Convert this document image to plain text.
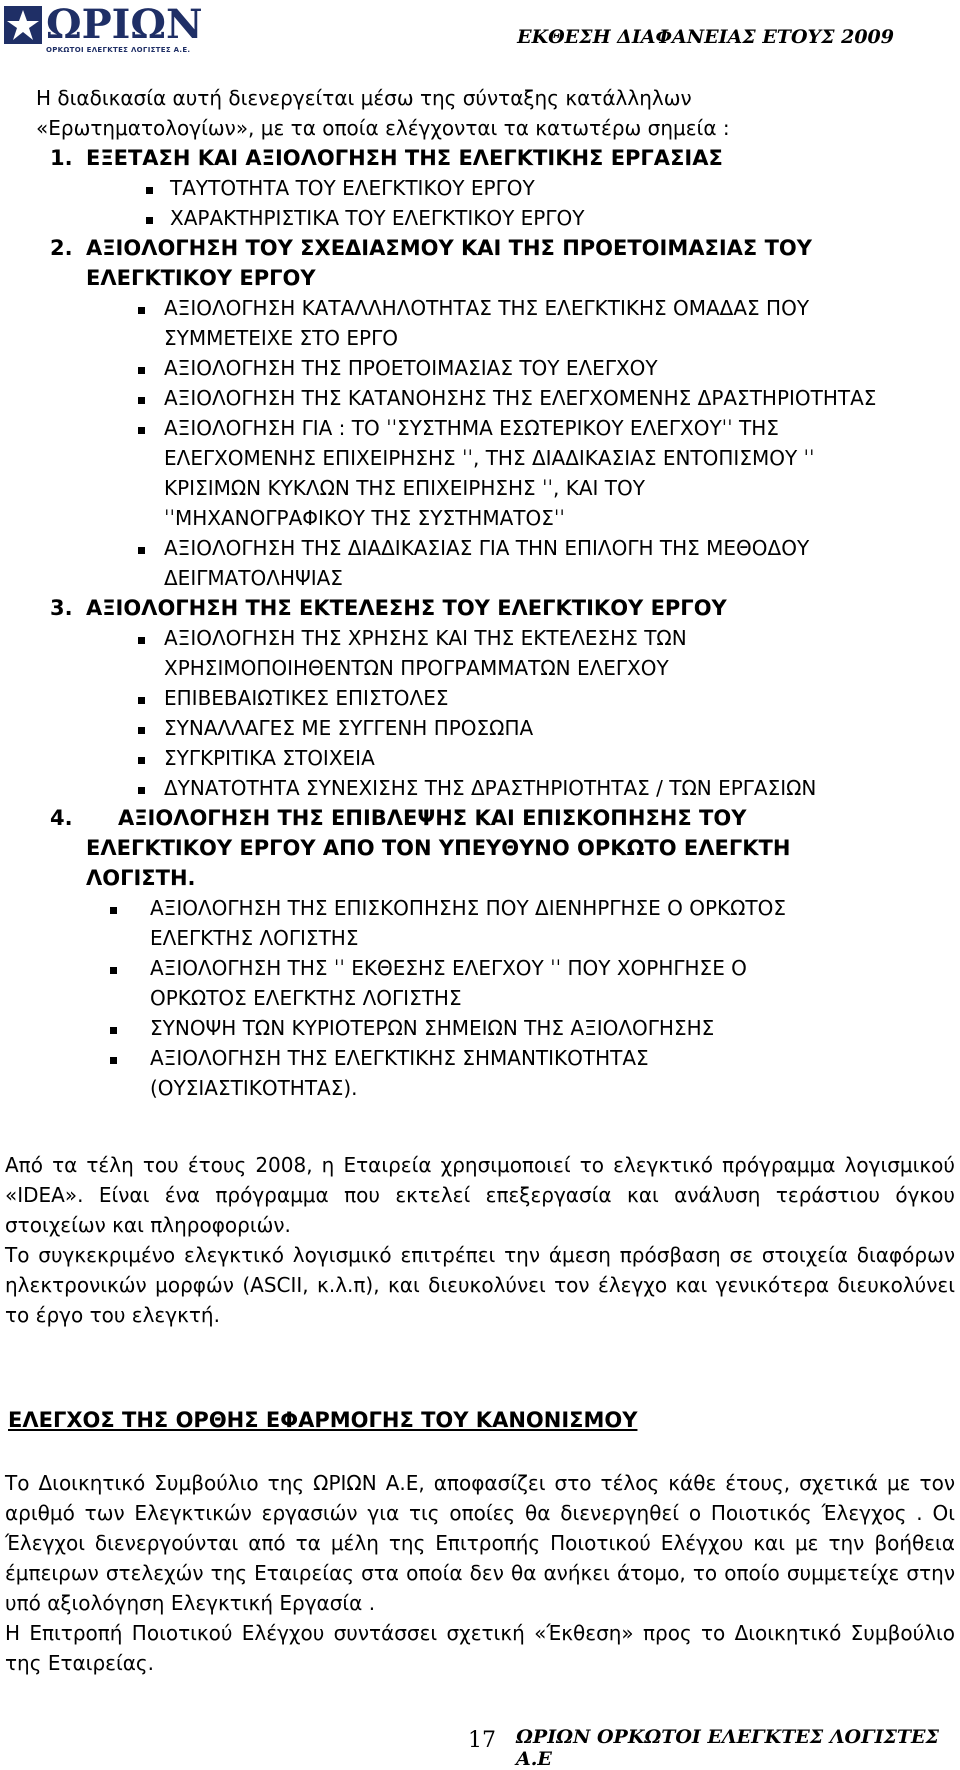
ΩΡΙΩΝ
ΟΡΚΩΤΟΙ ΕΛΕΓΚΤΕΣ ΛΟΓΙΣΤΕΣ Α.Ε.
ΕΚΘΕΣΗ ΔΙΑΦΑΝΕΙΑΣ ΕΤΟΥΣ 2009
Η διαδικασία αυτή διενεργείται μέσω της σύνταξης κατάλληλων
«Ερωτηματολογίων», με τα οποία ελέγχονται τα κατωτέρω σημεία :
1. ΕΞΕΤΑΣΗ ΚΑΙ ΑΞΙΟΛΟΓΗΣΗ ΤΗΣ ΕΛΕΓΚΤΙΚΗΣ ΕΡΓΑΣΙΑΣ
ΤΑΥΤΟΤΗΤΑ ΤΟΥ ΕΛΕΓΚΤΙΚΟΥ ΕΡΓΟΥ
ΧΑΡΑΚΤΗΡΙΣΤΙΚΑ ΤΟΥ ΕΛΕΓΚΤΙΚΟΥ ΕΡΓΟΥ
2. ΑΞΙΟΛΟΓΗΣΗ ΤΟΥ ΣΧΕΔΙΑΣΜΟΥ ΚΑΙ ΤΗΣ ΠΡΟΕΤΟΙΜΑΣΙΑΣ ΤΟΥ
ΕΛΕΓΚΤΙΚΟΥ ΕΡΓΟΥ
ΑΞΙΟΛΟΓΗΣΗ ΚΑΤΑΛΛΗΛΟΤΗΤΑΣ ΤΗΣ ΕΛΕΓΚΤΙΚΗΣ ΟΜΑΔΑΣ ΠΟΥ
ΣΥΜΜΕΤΕΙΧΕ ΣΤΟ ΕΡΓΟ
ΑΞΙΟΛΟΓΗΣΗ ΤΗΣ ΠΡΟΕΤΟΙΜΑΣΙΑΣ ΤΟΥ ΕΛΕΓΧΟΥ
ΑΞΙΟΛΟΓΗΣΗ ΤΗΣ ΚΑΤΑΝΟΗΣΗΣ ΤΗΣ ΕΛΕΓΧΟΜΕΝΗΣ ΔΡΑΣΤΗΡΙΟΤΗΤΑΣ
ΑΞΙΟΛΟΓΗΣΗ ΓΙΑ : ΤΟ ˈˈΣΥΣΤΗΜΑ ΕΣΩΤΕΡΙΚΟΥ ΕΛΕΓΧΟΥˈˈ ΤΗΣ
ΕΛΕΓΧΟΜΕΝΗΣ ΕΠΙΧΕΙΡΗΣΗΣ ˈˈ, ΤΗΣ ΔΙΑΔΙΚΑΣΙΑΣ ΕΝΤΟΠΙΣΜΟΥ ˈˈ
ΚΡΙΣΙΜΩΝ ΚΥΚΛΩΝ ΤΗΣ ΕΠΙΧΕΙΡΗΣΗΣ ˈˈ, ΚΑΙ ΤΟΥ
ˈˈΜΗΧΑΝΟΓΡΑΦΙΚΟΥ ΤΗΣ ΣΥΣΤΗΜΑΤΟΣˈˈ
ΑΞΙΟΛΟΓΗΣΗ ΤΗΣ ΔΙΑΔΙΚΑΣΙΑΣ ΓΙΑ ΤΗΝ ΕΠΙΛΟΓΗ ΤΗΣ ΜΕΘΟΔΟΥ
ΔΕΙΓΜΑΤΟΛΗΨΙΑΣ
3. ΑΞΙΟΛΟΓΗΣΗ ΤΗΣ ΕΚΤΕΛΕΣΗΣ ΤΟΥ ΕΛΕΓΚΤΙΚΟΥ ΕΡΓΟΥ
ΑΞΙΟΛΟΓΗΣΗ ΤΗΣ ΧΡΗΣΗΣ ΚΑΙ ΤΗΣ ΕΚΤΕΛΕΣΗΣ ΤΩΝ
ΧΡΗΣΙΜΟΠΟΙΗΘΕΝΤΩΝ ΠΡΟΓΡΑΜΜΑΤΩΝ ΕΛΕΓΧΟΥ
ΕΠΙΒΕΒΑΙΩΤΙΚΕΣ ΕΠΙΣΤΟΛΕΣ
ΣΥΝΑΛΛΑΓΕΣ ΜΕ ΣΥΓΓΕΝΗ ΠΡΟΣΩΠΑ
ΣΥΓΚΡΙΤΙΚΑ ΣΤΟΙΧΕΙΑ
ΔΥΝΑΤΟΤΗΤΑ ΣΥΝΕΧΙΣΗΣ ΤΗΣ ΔΡΑΣΤΗΡΙΟΤΗΤΑΣ / ΤΩΝ ΕΡΓΑΣΙΩΝ
4. ΑΞΙΟΛΟΓΗΣΗ ΤΗΣ ΕΠΙΒΛΕΨΗΣ ΚΑΙ ΕΠΙΣΚΟΠΗΣΗΣ ΤΟΥ
ΕΛΕΓΚΤΙΚΟΥ ΕΡΓΟΥ ΑΠΟ ΤΟΝ ΥΠΕΥΘΥΝΟ ΟΡΚΩΤΟ ΕΛΕΓΚΤΗ
ΛΟΓΙΣΤΗ.
ΑΞΙΟΛΟΓΗΣΗ ΤΗΣ ΕΠΙΣΚΟΠΗΣΗΣ ΠΟΥ ΔΙΕΝΗΡΓΗΣΕ Ο ΟΡΚΩΤΟΣ
ΕΛΕΓΚΤΗΣ ΛΟΓΙΣΤΗΣ
ΑΞΙΟΛΟΓΗΣΗ ΤΗΣ ˈˈ ΕΚΘΕΣΗΣ ΕΛΕΓΧΟΥ ˈˈ ΠΟΥ ΧΟΡΗΓΗΣΕ Ο
ΟΡΚΩΤΟΣ ΕΛΕΓΚΤΗΣ ΛΟΓΙΣΤΗΣ
ΣΥΝΟΨΗ ΤΩΝ ΚΥΡΙΟΤΕΡΩΝ ΣΗΜΕΙΩΝ ΤΗΣ ΑΞΙΟΛΟΓΗΣΗΣ
ΑΞΙΟΛΟΓΗΣΗ ΤΗΣ ΕΛΕΓΚΤΙΚΗΣ ΣΗΜΑΝΤΙΚΟΤΗΤΑΣ
(ΟΥΣΙΑΣΤΙΚΟΤΗΤΑΣ).

Από τα τέλη του έτους 2008, η Εταιρεία χρησιμοποιεί το ελεγκτικό πρόγραμμα λογισμικού «IDEA». Είναι ένα πρόγραμμα που εκτελεί επεξεργασία και ανάλυση τεράστιου όγκου στοιχείων και πληροφοριών.

Το συγκεκριμένο ελεγκτικό λογισμικό επιτρέπει την άμεση πρόσβαση σε στοιχεία διαφόρων ηλεκτρονικών μορφών (ASCII, κ.λ.π), και διευκολύνει τον έλεγχο και γενικότερα διευκολύνει το έργο του ελεγκτή.

ΕΛΕΓΧΟΣ ΤΗΣ ΟΡΘΗΣ ΕΦΑΡΜΟΓΗΣ ΤΟΥ ΚΑΝΟΝΙΣΜΟΥ

Το Διοικητικό Συμβούλιο της ΩΡΙΩΝ Α.Ε, αποφασίζει στο τέλος κάθε έτους, σχετικά με τον αριθμό των Ελεγκτικών εργασιών για τις οποίες θα διενεργηθεί ο Ποιοτικός Έλεγχος . Οι Έλεγχοι διενεργούνται από τα μέλη της Επιτροπής Ποιοτικού Ελέγχου και με την βοήθεια έμπειρων στελεχών της Εταιρείας στα οποία δεν θα ανήκει άτομο, το οποίο συμμετείχε στην υπό αξιολόγηση Ελεγκτική Εργασία .

Η Επιτροπή Ποιοτικού Ελέγχου συντάσσει σχετική «Έκθεση» προς το Διοικητικό Συμβούλιο της Εταιρείας.

17 ΩΡΙΩΝ ΟΡΚΩΤΟΙ ΕΛΕΓΚΤΕΣ ΛΟΓΙΣΤΕΣ Α.Ε
